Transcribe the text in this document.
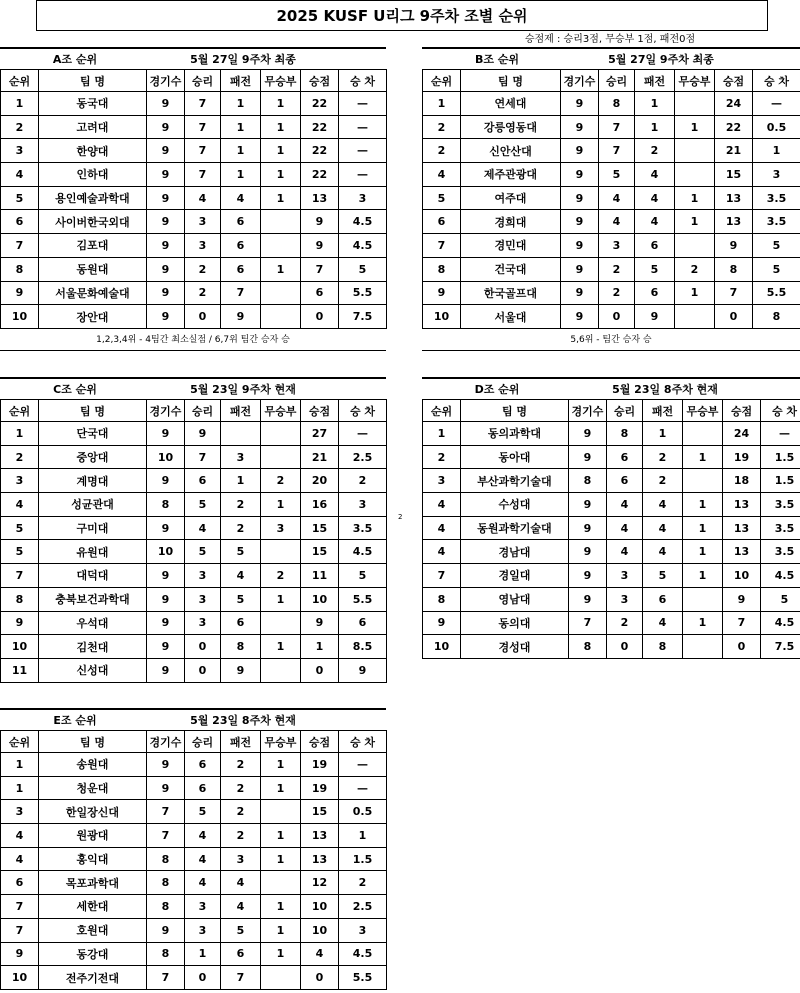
2025 KUSF U리그 9주차 조별 순위
승점제 : 승리3점, 무승부 1점, 패전0점
2
A조 순위	5월 27일 9주차 최종
순위	팀 명	경기수	승리	패전	무승부	승점	승 차
1	동국대	9	7	1	1	22	—
2	고려대	9	7	1	1	22	—
3	한양대	9	7	1	1	22	—
4	인하대	9	7	1	1	22	—
5	용인예술과학대	9	4	4	1	13	3
6	사이버한국외대	9	3	6		9	4.5
7	김포대	9	3	6		9	4.5
8	동원대	9	2	6	1	7	5
9	서울문화예술대	9	2	7		6	5.5
10	장안대	9	0	9		0	7.5
1,2,3,4위 - 4팀간 최소실점 / 6,7위 팀간 승자 승
B조 순위	5월 27일 9주차 최종
순위	팀 명	경기수	승리	패전	무승부	승점	승 차
1	연세대	9	8	1		24	—
2	강릉영동대	9	7	1	1	22	0.5
2	신안산대	9	7	2		21	1
4	제주관광대	9	5	4		15	3
5	여주대	9	4	4	1	13	3.5
6	경희대	9	4	4	1	13	3.5
7	경민대	9	3	6		9	5
8	건국대	9	2	5	2	8	5
9	한국골프대	9	2	6	1	7	5.5
10	서울대	9	0	9		0	8
5,6위 - 팀간 승자 승
C조 순위	5월 23일 9주차 현재
순위	팀 명	경기수	승리	패전	무승부	승점	승 차
1	단국대	9	9			27	—
2	중앙대	10	7	3		21	2.5
3	계명대	9	6	1	2	20	2
4	성균관대	8	5	2	1	16	3
5	구미대	9	4	2	3	15	3.5
5	유원대	10	5	5		15	4.5
7	대덕대	9	3	4	2	11	5
8	충북보건과학대	9	3	5	1	10	5.5
9	우석대	9	3	6		9	6
10	김천대	9	0	8	1	1	8.5
11	신성대	9	0	9		0	9
D조 순위	5월 23일 8주차 현재
순위	팀 명	경기수	승리	패전	무승부	승점	승 차
1	동의과학대	9	8	1		24	—
2	동아대	9	6	2	1	19	1.5
3	부산과학기술대	8	6	2		18	1.5
4	수성대	9	4	4	1	13	3.5
4	동원과학기술대	9	4	4	1	13	3.5
4	경남대	9	4	4	1	13	3.5
7	경일대	9	3	5	1	10	4.5
8	영남대	9	3	6		9	5
9	동의대	7	2	4	1	7	4.5
10	경성대	8	0	8		0	7.5
E조 순위	5월 23일 8주차 현재
순위	팀 명	경기수	승리	패전	무승부	승점	승 차
1	송원대	9	6	2	1	19	—
1	청운대	9	6	2	1	19	—
3	한일장신대	7	5	2		15	0.5
4	원광대	7	4	2	1	13	1
4	홍익대	8	4	3	1	13	1.5
6	목포과학대	8	4	4		12	2
7	세한대	8	3	4	1	10	2.5
7	호원대	9	3	5	1	10	3
9	동강대	8	1	6	1	4	4.5
10	전주기전대	7	0	7		0	5.5
